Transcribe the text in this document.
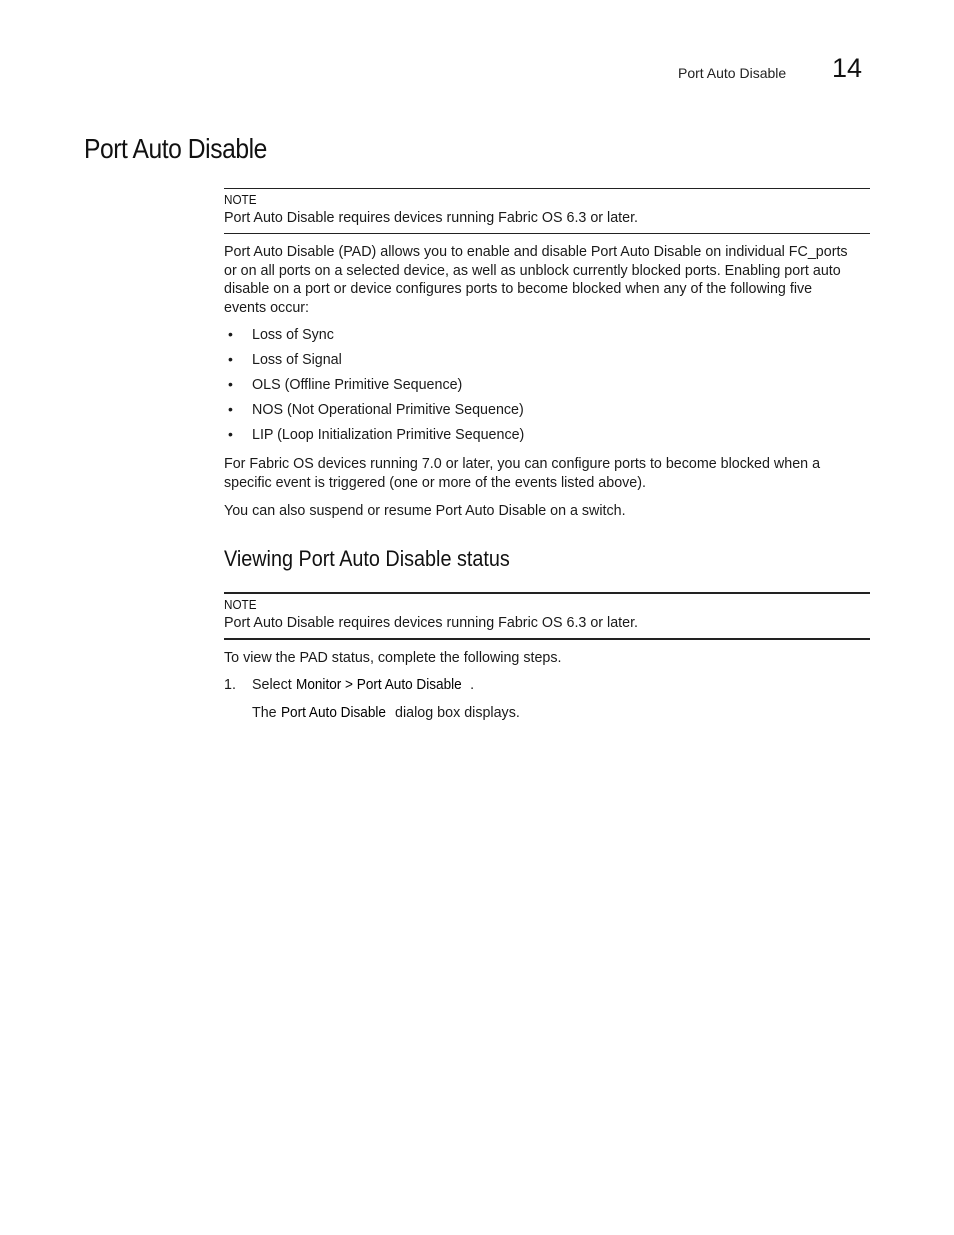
Port Auto Disable 14
Port Auto Disable
NOTE
Port Auto Disable requires devices running Fabric OS 6.3 or later.
Port Auto Disable (PAD) allows you to enable and disable Port Auto Disable on individual FC_ports
or on all ports on a selected device, as well as unblock currently blocked ports. Enabling port auto
disable on a port or device configures ports to become blocked when any of the following five
events occur:
• Loss of Sync
• Loss of Signal
• OLS (Offline Primitive Sequence)
• NOS (Not Operational Primitive Sequence)
• LIP (Loop Initialization Primitive Sequence)
For Fabric OS devices running 7.0 or later, you can configure ports to become blocked when a
specific event is triggered (one or more of the events listed above).
You can also suspend or resume Port Auto Disable on a switch.
Viewing Port Auto Disable status
NOTE
Port Auto Disable requires devices running Fabric OS 6.3 or later.
To view the PAD status, complete the following steps.
1. Select Monitor > Port Auto Disable .
The Port Auto Disable dialog box displays.
